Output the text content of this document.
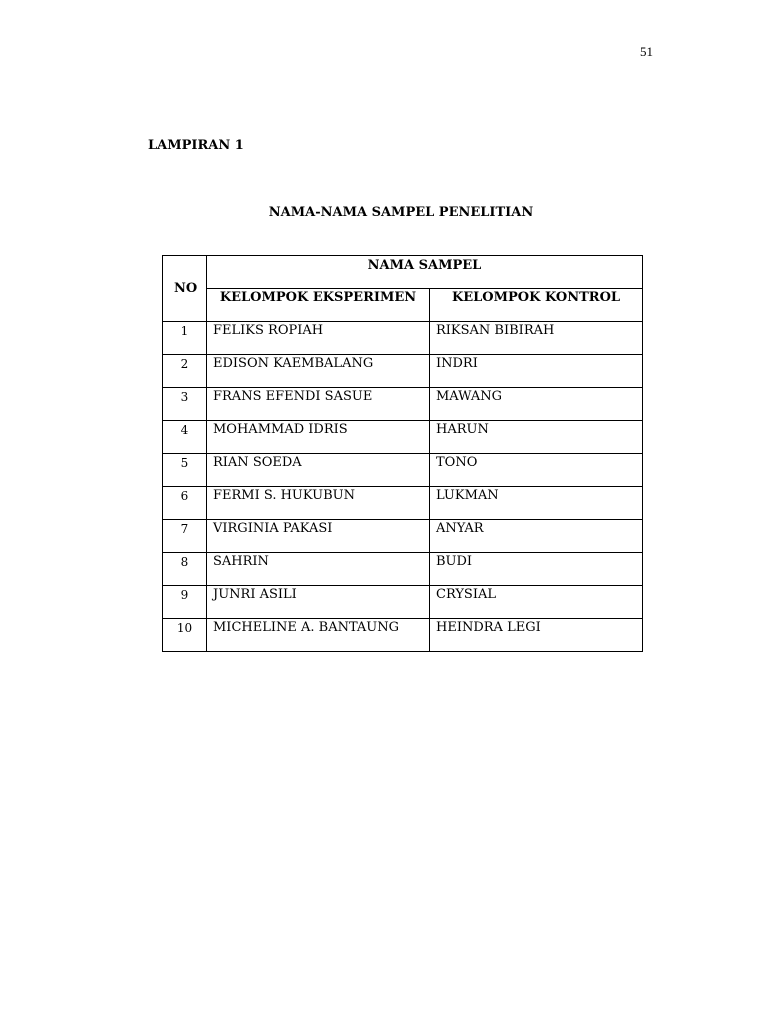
51
LAMPIRAN 1
NAMA-NAMA SAMPEL PENELITIAN
NO	NAMA SAMPEL	
	KELOMPOK EKSPERIMEN	KELOMPOK KONTROL
1	FELIKS ROPIAH	RIKSAN BIBIRAH
2	EDISON KAEMBALANG	INDRI
3	FRANS EFENDI SASUE	MAWANG
4	MOHAMMAD IDRIS	HARUN
5	RIAN SOEDA	TONO
6	FERMI S. HUKUBUN	LUKMAN
7	VIRGINIA PAKASI	ANYAR
8	SAHRIN	BUDI
9	JUNRI ASILI	CRYSIAL
10	MICHELINE A. BANTAUNG	HEINDRA LEGI
